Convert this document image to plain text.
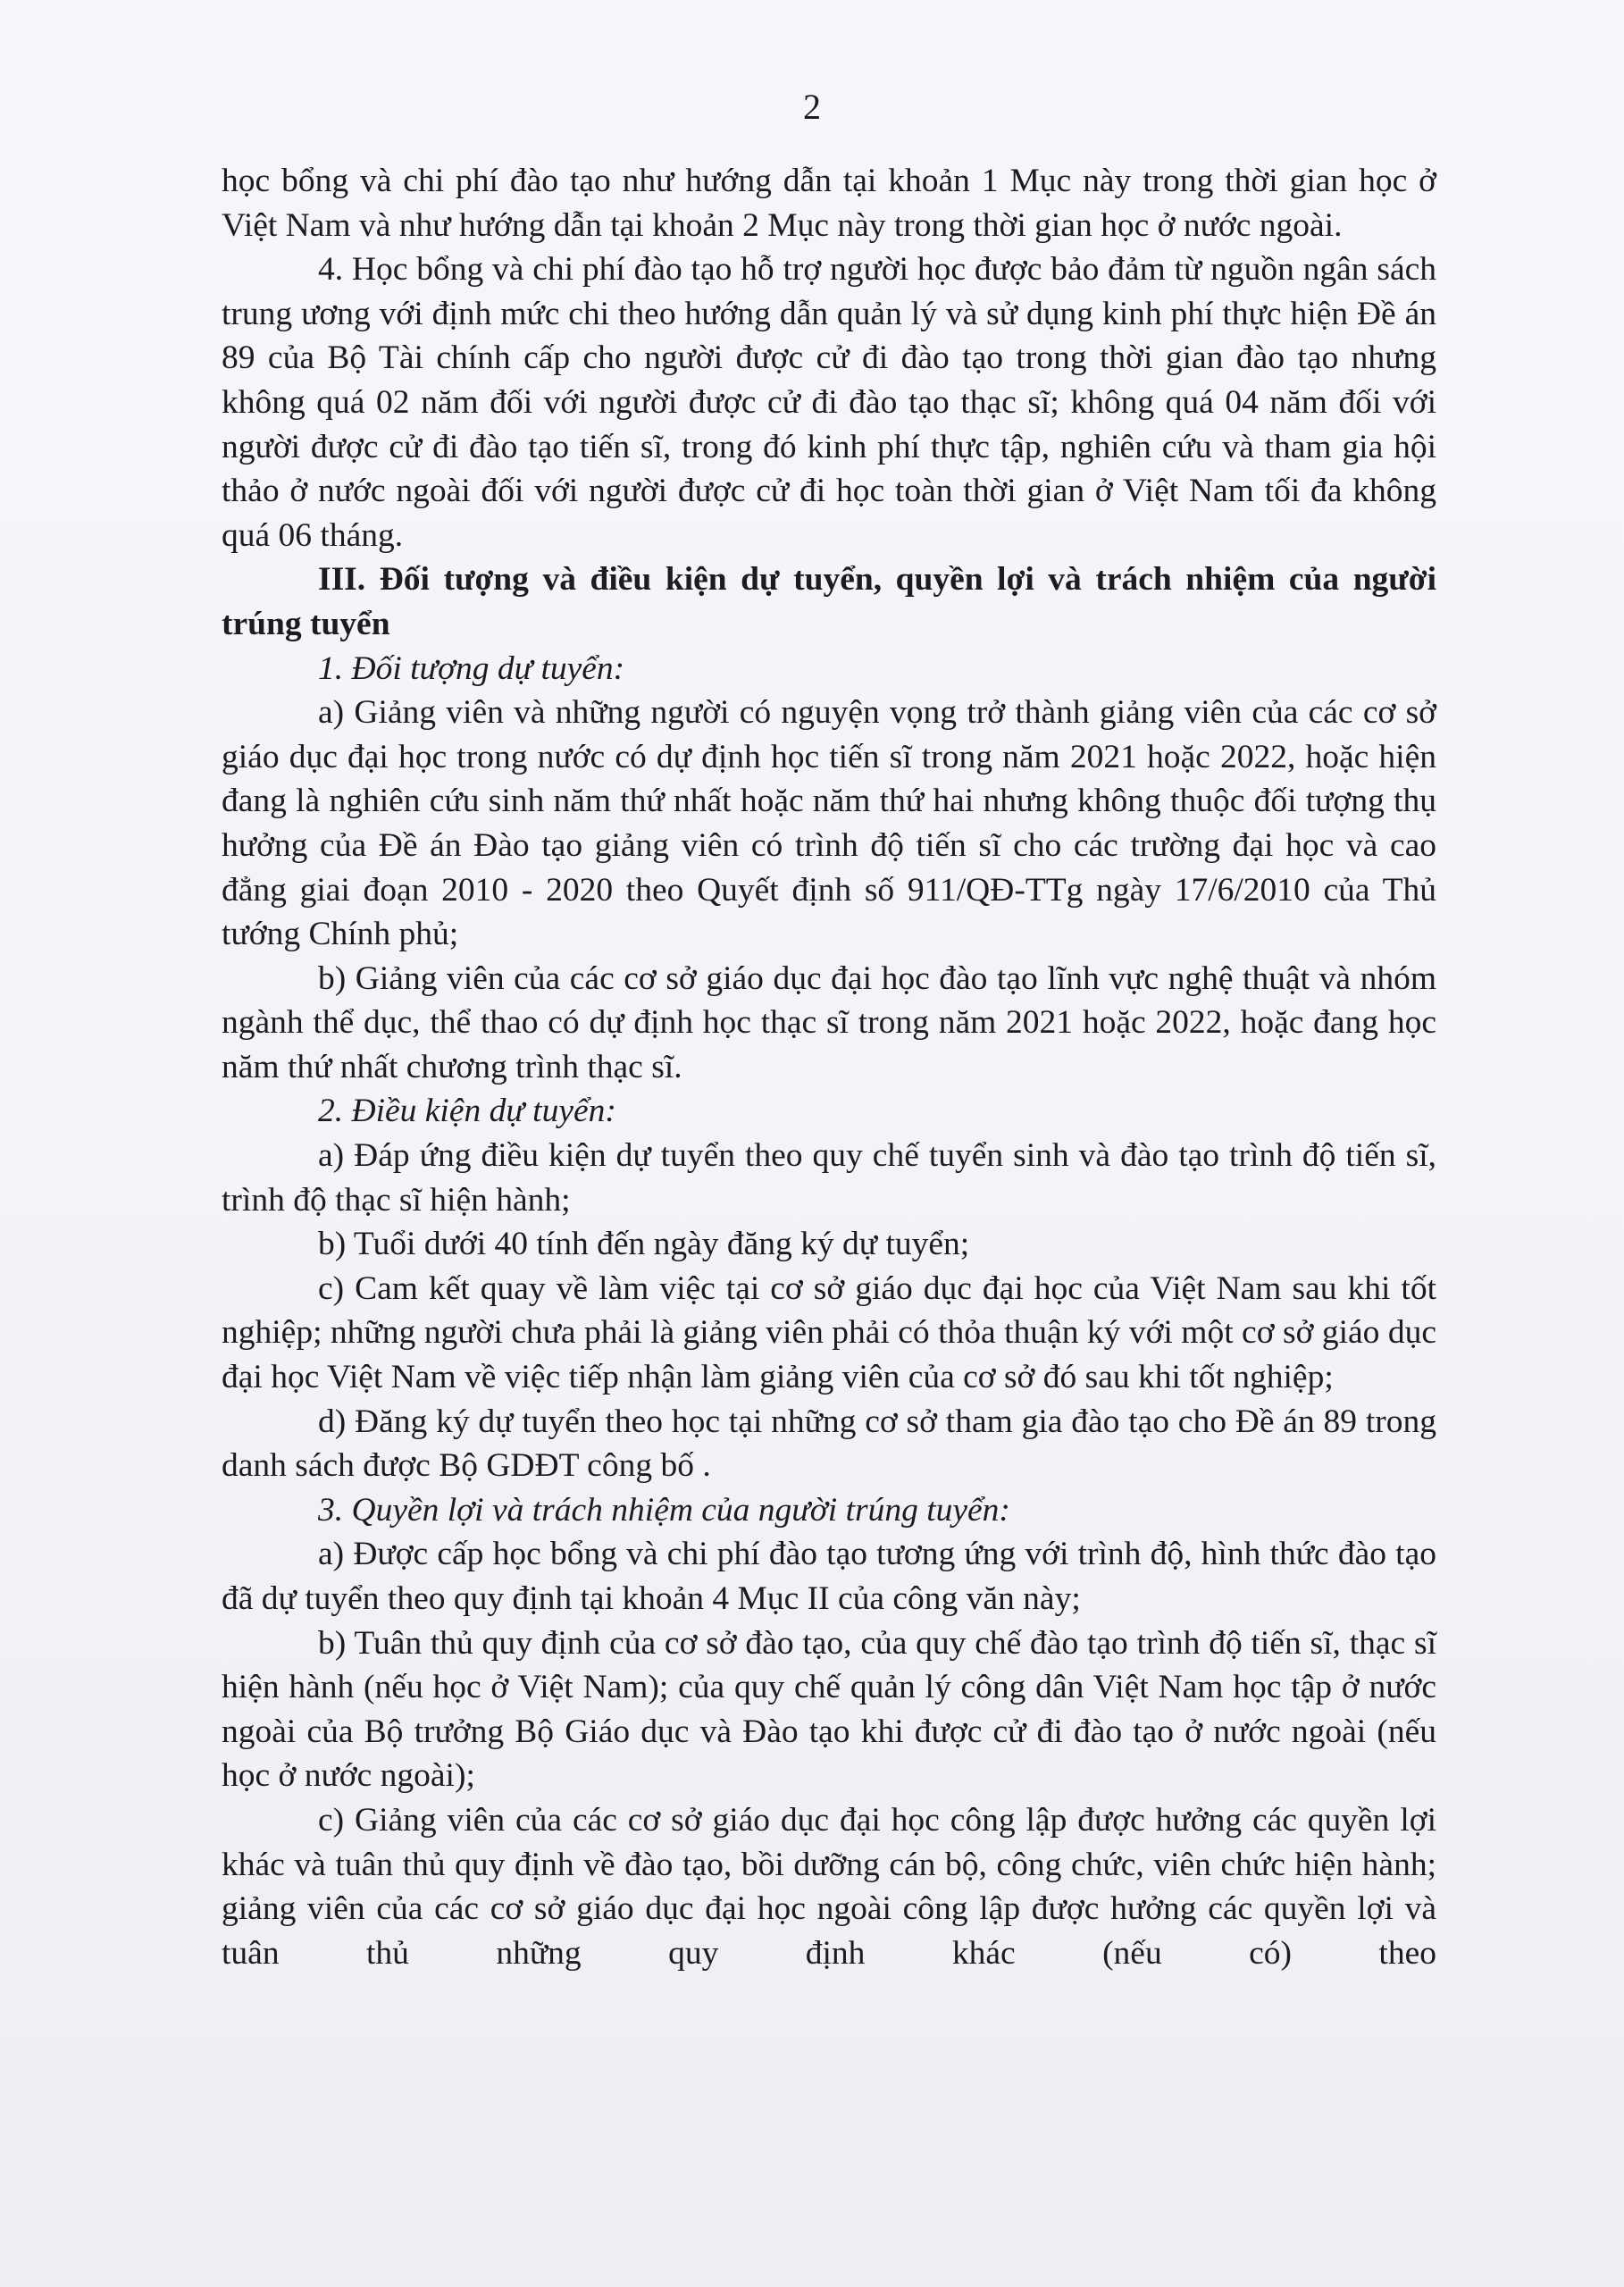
2

học bổng và chi phí đào tạo như hướng dẫn tại khoản 1 Mục này trong thời gian học ở Việt Nam và như hướng dẫn tại khoản 2 Mục này trong thời gian học ở nước ngoài.

4. Học bổng và chi phí đào tạo hỗ trợ người học được bảo đảm từ nguồn ngân sách trung ương với định mức chi theo hướng dẫn quản lý và sử dụng kinh phí thực hiện Đề án 89 của Bộ Tài chính cấp cho người được cử đi đào tạo trong thời gian đào tạo nhưng không quá 02 năm đối với người được cử đi đào tạo thạc sĩ; không quá 04 năm đối với người được cử đi đào tạo tiến sĩ, trong đó kinh phí thực tập, nghiên cứu và tham gia hội thảo ở nước ngoài đối với người được cử đi học toàn thời gian ở Việt Nam tối đa không quá 06 tháng.

III. Đối tượng và điều kiện dự tuyển, quyền lợi và trách nhiệm của người trúng tuyển

1. Đối tượng dự tuyển:

a) Giảng viên và những người có nguyện vọng trở thành giảng viên của các cơ sở giáo dục đại học trong nước có dự định học tiến sĩ trong năm 2021 hoặc 2022, hoặc hiện đang là nghiên cứu sinh năm thứ nhất hoặc năm thứ hai nhưng không thuộc đối tượng thụ hưởng của Đề án Đào tạo giảng viên có trình độ tiến sĩ cho các trường đại học và cao đẳng giai đoạn 2010 - 2020 theo Quyết định số 911/QĐ-TTg ngày 17/6/2010 của Thủ tướng Chính phủ;

b) Giảng viên của các cơ sở giáo dục đại học đào tạo lĩnh vực nghệ thuật và nhóm ngành thể dục, thể thao có dự định học thạc sĩ trong năm 2021 hoặc 2022, hoặc đang học năm thứ nhất chương trình thạc sĩ.

2. Điều kiện dự tuyển:

a) Đáp ứng điều kiện dự tuyển theo quy chế tuyển sinh và đào tạo trình độ tiến sĩ, trình độ thạc sĩ hiện hành;

b) Tuổi dưới 40 tính đến ngày đăng ký dự tuyển;

c) Cam kết quay về làm việc tại cơ sở giáo dục đại học của Việt Nam sau khi tốt nghiệp; những người chưa phải là giảng viên phải có thỏa thuận ký với một cơ sở giáo dục đại học Việt Nam về việc tiếp nhận làm giảng viên của cơ sở đó sau khi tốt nghiệp;

d) Đăng ký dự tuyển theo học tại những cơ sở tham gia đào tạo cho Đề án 89 trong danh sách được Bộ GDĐT công bố .

3. Quyền lợi và trách nhiệm của người trúng tuyển:

a) Được cấp học bổng và chi phí đào tạo tương ứng với trình độ, hình thức đào tạo đã dự tuyển theo quy định tại khoản 4 Mục II của công văn này;

b) Tuân thủ quy định của cơ sở đào tạo, của quy chế đào tạo trình độ tiến sĩ, thạc sĩ hiện hành (nếu học ở Việt Nam); của quy chế quản lý công dân Việt Nam học tập ở nước ngoài của Bộ trưởng Bộ Giáo dục và Đào tạo khi được cử đi đào tạo ở nước ngoài (nếu học ở nước ngoài);

c) Giảng viên của các cơ sở giáo dục đại học công lập được hưởng các quyền lợi khác và tuân thủ quy định về đào tạo, bồi dưỡng cán bộ, công chức, viên chức hiện hành; giảng viên của các cơ sở giáo dục đại học ngoài công lập được hưởng các quyền lợi và tuân thủ những quy định khác (nếu có) theo
